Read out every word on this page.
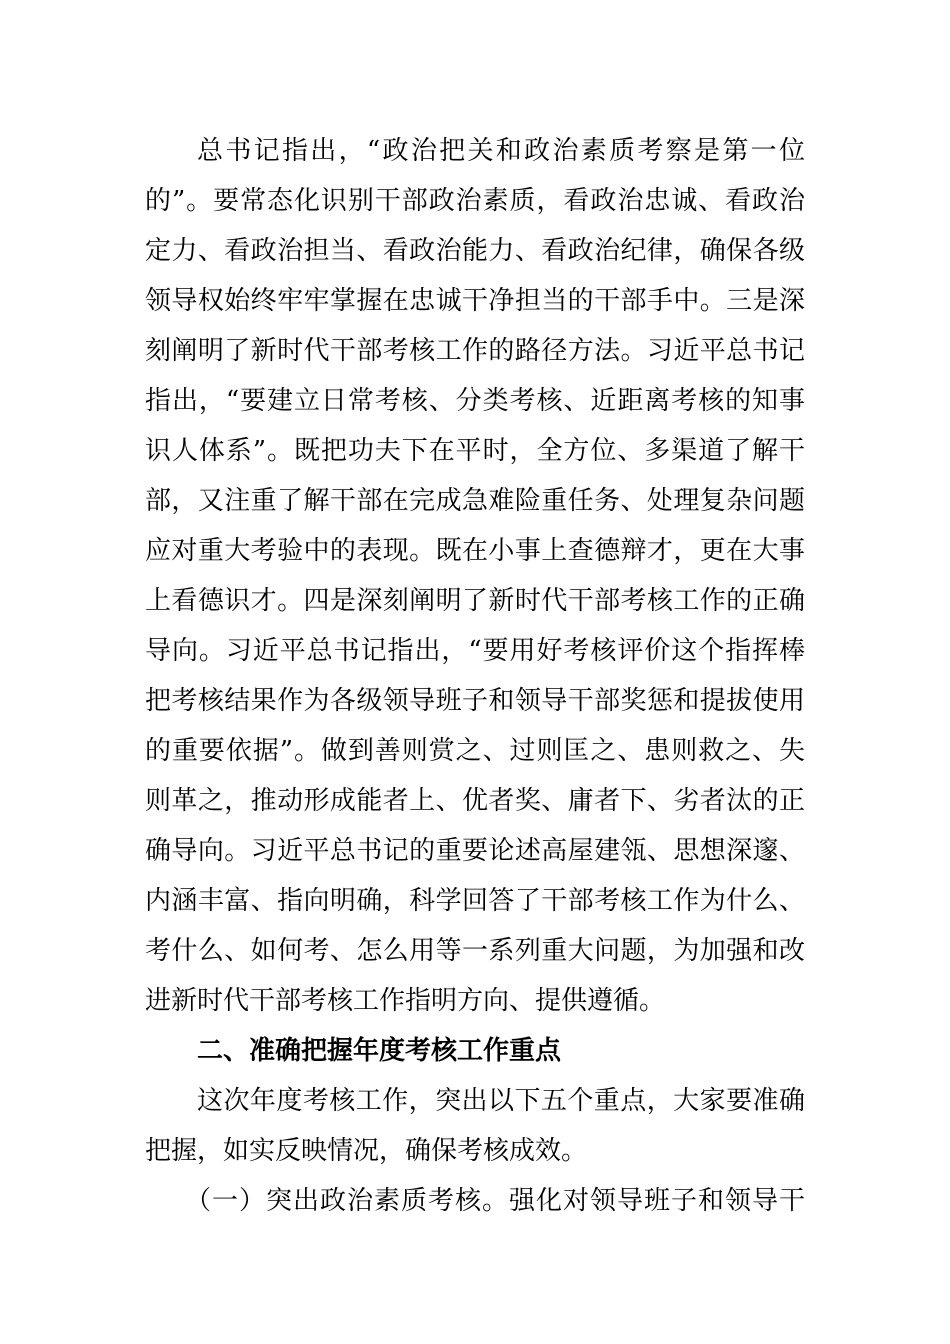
总书记指出，“政治把关和政治素质考察是第一位
的”。要常态化识别干部政治素质，看政治忠诚、看政治
定力、看政治担当、看政治能力、看政治纪律，确保各级
领导权始终牢牢掌握在忠诚干净担当的干部手中。三是深
刻阐明了新时代干部考核工作的路径方法。习近平总书记
指出，“要建立日常考核、分类考核、近距离考核的知事
识人体系”。既把功夫下在平时，全方位、多渠道了解干
部，又注重了解干部在完成急难险重任务、处理复杂问题
应对重大考验中的表现。既在小事上查德辩才，更在大事
上看德识才。四是深刻阐明了新时代干部考核工作的正确
导向。习近平总书记指出，“要用好考核评价这个指挥棒
把考核结果作为各级领导班子和领导干部奖惩和提拔使用
的重要依据”。做到善则赏之、过则匡之、患则救之、失
则革之，推动形成能者上、优者奖、庸者下、劣者汰的正
确导向。习近平总书记的重要论述高屋建瓴、思想深邃、
内涵丰富、指向明确，科学回答了干部考核工作为什么、
考什么、如何考、怎么用等一系列重大问题，为加强和改
进新时代干部考核工作指明方向、提供遵循。
二、准确把握年度考核工作重点
这次年度考核工作，突出以下五个重点，大家要准确
把握，如实反映情况，确保考核成效。
（一）突出政治素质考核。强化对领导班子和领导干
